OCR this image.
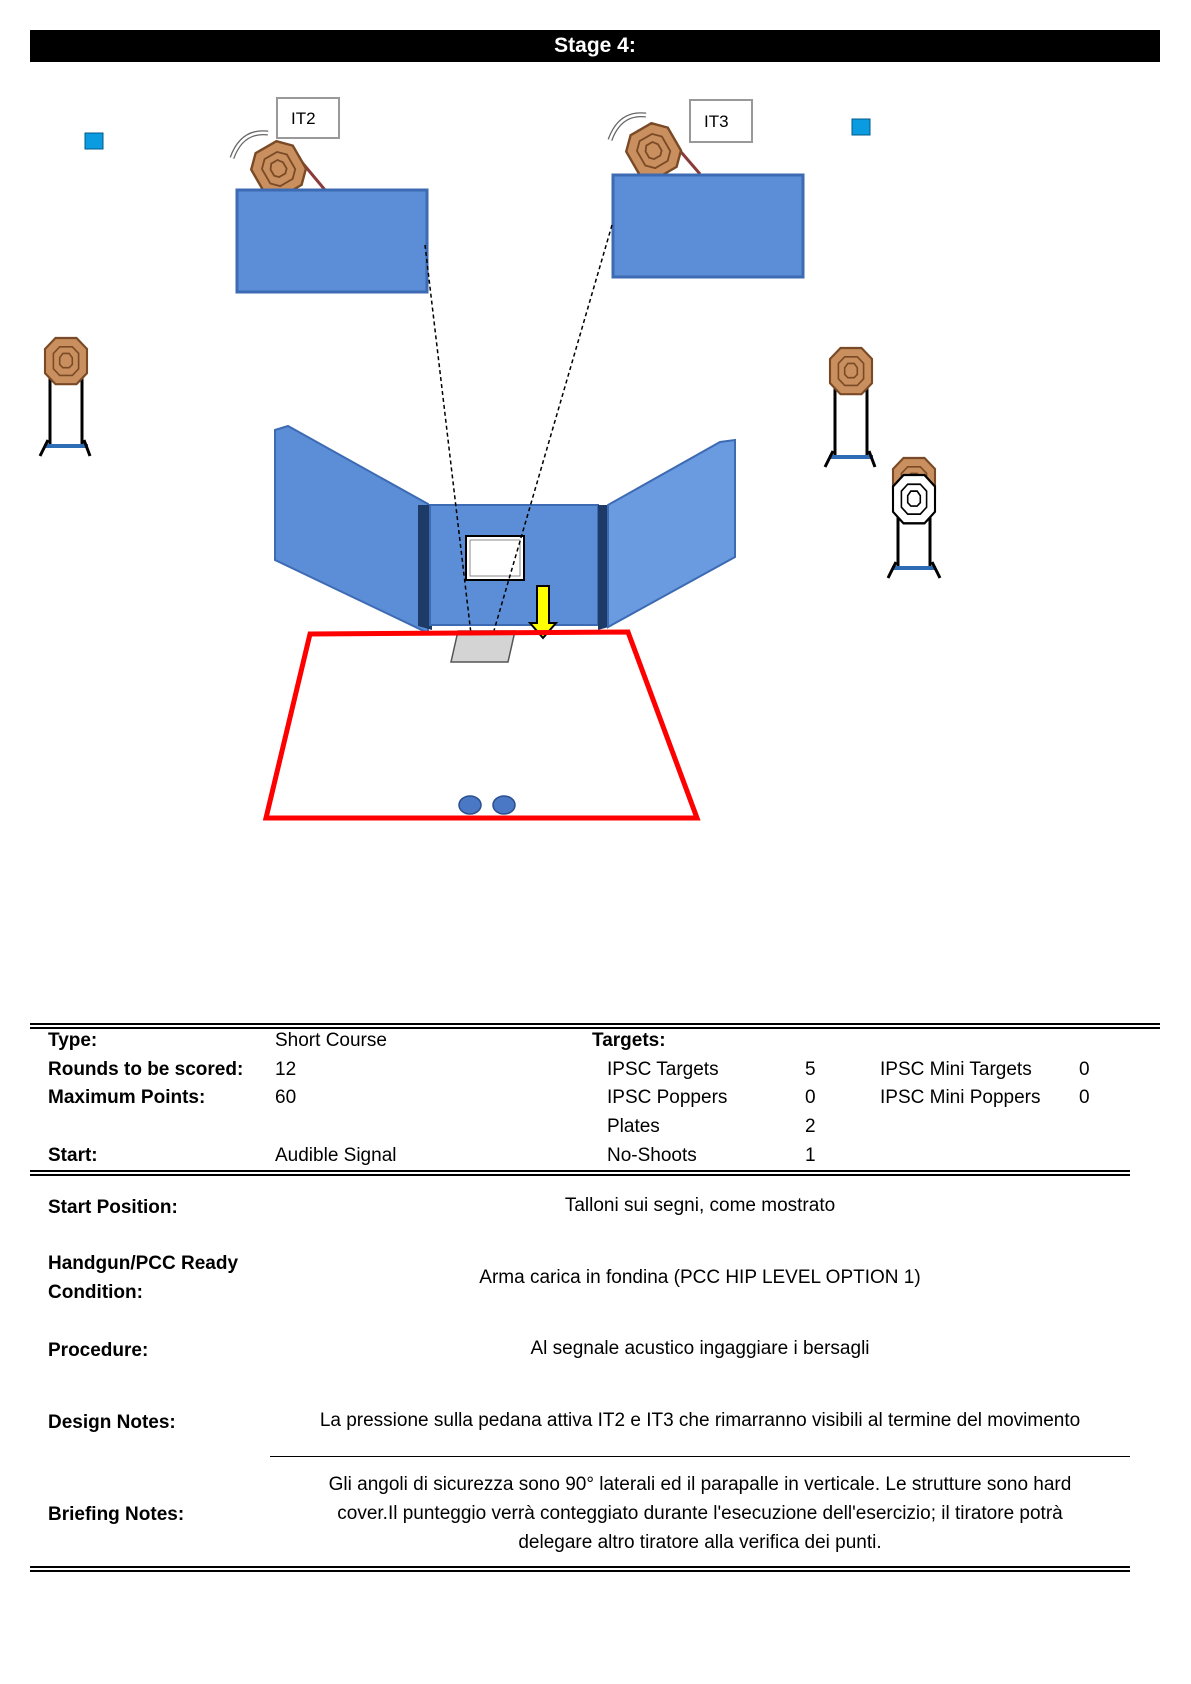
Stage 4:
IT2	IT3
Type:	Short Course	Targets:
Rounds to be scored: 12	IPSC Targets	5	IPSC Mini Targets 0
Maximum Points:	60	IPSC Poppers	0	IPSC Mini Poppers 0
Plates	2
Start:	Audible Signal	No-Shoots	1
Start Position:	Talloni sui segni, come mostrato
Handgun/PCC Ready
Condition:
Arma carica in fondina (PCC HIP LEVEL OPTION 1)
Procedure:	Al segnale acustico ingaggiare i bersagli
Design Notes:	La pressione sulla pedana attiva IT2 e IT3 che rimarranno visibili al termine del movimento
Briefing Notes:
Gli angoli di sicurezza sono 90° laterali ed il parapalle in verticale. Le strutture sono hard
cover.Il punteggio verrà conteggiato durante l'esecuzione dell'esercizio; il tiratore potrà
delegare altro tiratore alla verifica dei punti.
